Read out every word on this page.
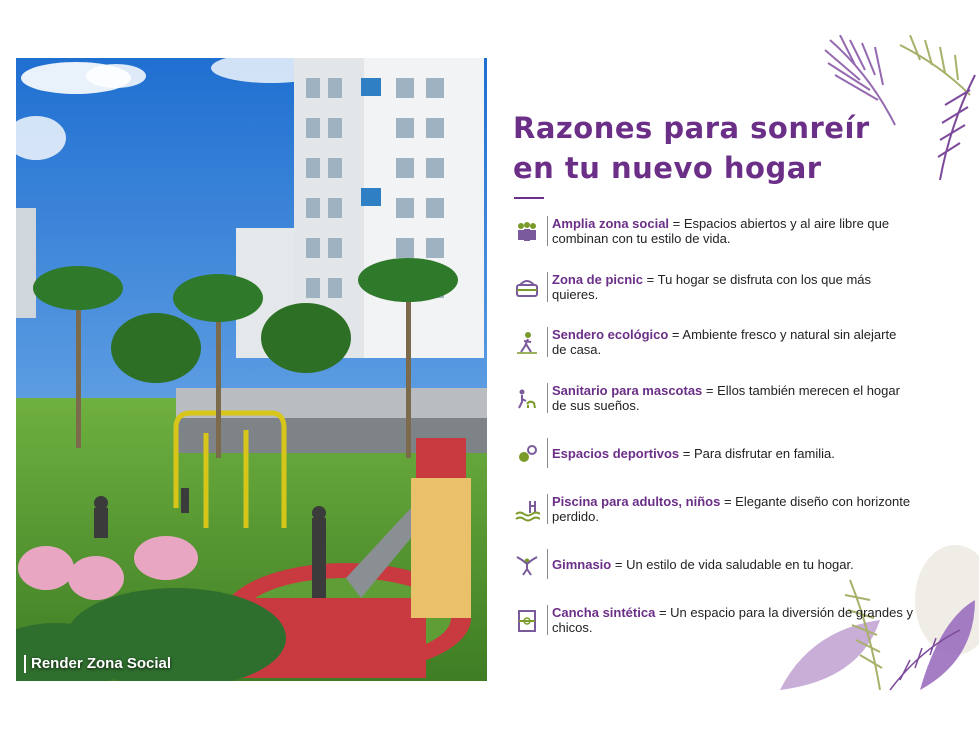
Render Zona Social
Razones para sonreír
en tu nuevo hogar
Amplia zona social = Espacios abiertos y al aire libre que combinan con tu estilo de vida.
Zona de picnic = Tu hogar se disfruta con los que más quieres.
Sendero ecológico = Ambiente fresco y natural sin alejarte de casa.
Sanitario para mascotas = Ellos también merecen el hogar de sus sueños.
Espacios deportivos = Para disfrutar en familia.
Piscina para adultos, niños = Elegante diseño con horizonte perdido.
Gimnasio = Un estilo de vida saludable en tu hogar.
Cancha sintética = Un espacio para la diversión de grandes y chicos.
